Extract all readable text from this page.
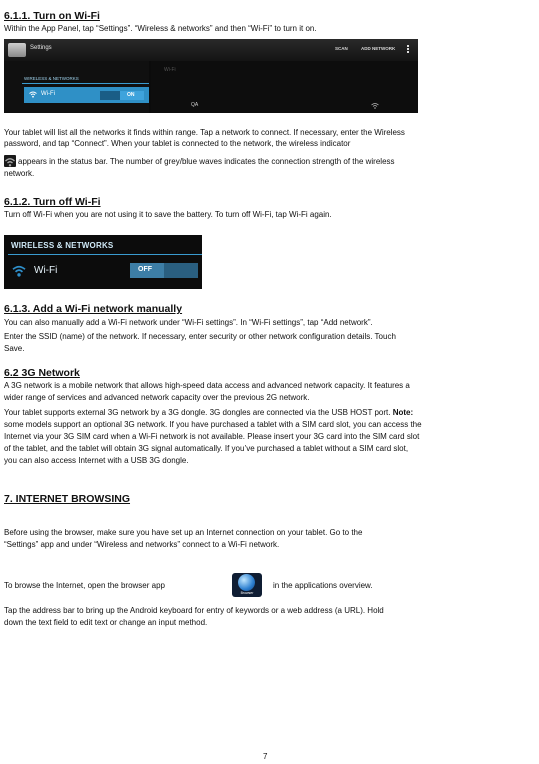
6.1.1. Turn on Wi-Fi
Within the App Panel, tap “Settings”. “Wireless & networks” and then “Wi-Fi” to turn it on.
Settings	SCAN	ADD NETWORK
WIRELESS & NETWORKS
Wi-Fi	ON
Wi-Fi
QA
Your tablet will list all the networks it finds within range. Tap a network to connect. If necessary, enter the Wireless
password, and tap “Connect”. When your tablet is connected to the network, the wireless indicator
appears in the status bar. The number of grey/blue waves indicates the connection strength of the wireless
network.
6.1.2. Turn off Wi-Fi
Turn off Wi-Fi when you are not using it to save the battery. To turn off Wi-Fi, tap Wi-Fi again.
WIRELESS & NETWORKS
Wi-Fi	OFF
6.1.3. Add a Wi-Fi network manually
You can also manually add a Wi-Fi network under “Wi-Fi settings”. In “Wi-Fi settings”, tap “Add network”.
Enter the SSID (name) of the network. If necessary, enter security or other network configuration details. Touch
Save.
6.2 3G Network
A 3G network is a mobile network that allows high-speed data access and advanced network capacity. It features a
wider range of services and advanced network capacity over the previous 2G network.
Your tablet supports external 3G network by a 3G dongle. 3G dongles are connected via the USB HOST port. Note:
some models support an optional 3G network. If you have purchased a tablet with a SIM card slot, you can access the
Internet via your 3G SIM card when a Wi-Fi network is not available. Please insert your 3G card into the SIM card slot
of the tablet, and the tablet will obtain 3G signal automatically. If you’ve purchased a tablet without a SIM card slot,
you can also access Internet with a USB 3G dongle.
7. INTERNET BROWSING
Before using the browser, make sure you have set up an Internet connection on your tablet. Go to the
“Settings” app and under “Wireless and networks” connect to a Wi-Fi network.
To browse the Internet, open the browser app
Browser
in the applications overview.
Tap the address bar to bring up the Android keyboard for entry of keywords or a web address (a URL). Hold
down the text field to edit text or change an input method.
7
